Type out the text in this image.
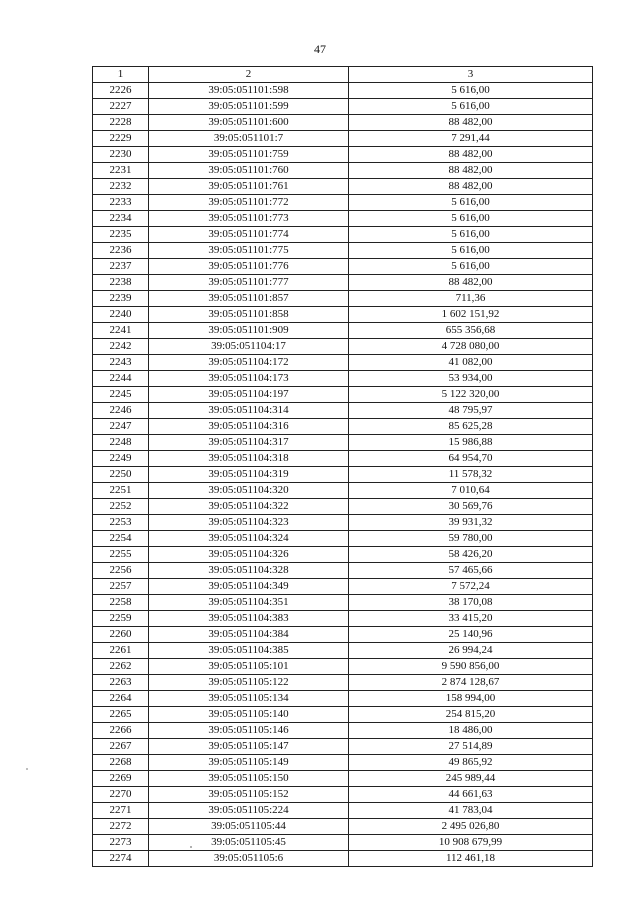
47
1	2	3
2226	39:05:051101:598	5 616,00
2227	39:05:051101:599	5 616,00
2228	39:05:051101:600	88 482,00
2229	39:05:051101:7	7 291,44
2230	39:05:051101:759	88 482,00
2231	39:05:051101:760	88 482,00
2232	39:05:051101:761	88 482,00
2233	39:05:051101:772	5 616,00
2234	39:05:051101:773	5 616,00
2235	39:05:051101:774	5 616,00
2236	39:05:051101:775	5 616,00
2237	39:05:051101:776	5 616,00
2238	39:05:051101:777	88 482,00
2239	39:05:051101:857	711,36
2240	39:05:051101:858	1 602 151,92
2241	39:05:051101:909	655 356,68
2242	39:05:051104:17	4 728 080,00
2243	39:05:051104:172	41 082,00
2244	39:05:051104:173	53 934,00
2245	39:05:051104:197	5 122 320,00
2246	39:05:051104:314	48 795,97
2247	39:05:051104:316	85 625,28
2248	39:05:051104:317	15 986,88
2249	39:05:051104:318	64 954,70
2250	39:05:051104:319	11 578,32
2251	39:05:051104:320	7 010,64
2252	39:05:051104:322	30 569,76
2253	39:05:051104:323	39 931,32
2254	39:05:051104:324	59 780,00
2255	39:05:051104:326	58 426,20
2256	39:05:051104:328	57 465,66
2257	39:05:051104:349	7 572,24
2258	39:05:051104:351	38 170,08
2259	39:05:051104:383	33 415,20
2260	39:05:051104:384	25 140,96
2261	39:05:051104:385	26 994,24
2262	39:05:051105:101	9 590 856,00
2263	39:05:051105:122	2 874 128,67
2264	39:05:051105:134	158 994,00
2265	39:05:051105:140	254 815,20
2266	39:05:051105:146	18 486,00
2267	39:05:051105:147	27 514,89
2268	39:05:051105:149	49 865,92
2269	39:05:051105:150	245 989,44
2270	39:05:051105:152	44 661,63
2271	39:05:051105:224	41 783,04
2272	39:05:051105:44	2 495 026,80
2273	39:05:051105:45	10 908 679,99
2274	39:05:051105:6	112 461,18
